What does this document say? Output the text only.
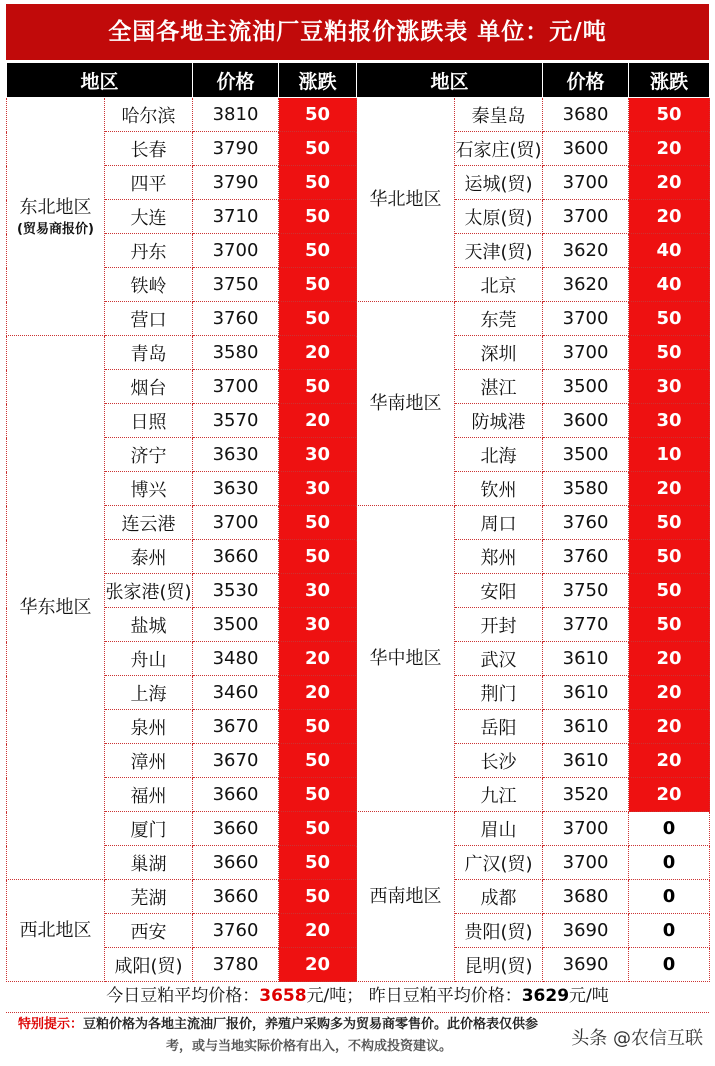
全国各地主流油厂豆粕报价涨跌表 单位：元/吨
地区		价格	涨跌	地区		价格	涨跌
东北地区
(贸易商报价)	哈尔滨	3810	50	华北地区	秦皇岛	3680	50
	长春	3790	50		石家庄(贸)	3600	20
	四平	3790	50		运城(贸)	3700	20
	大连	3710	50		太原(贸)	3700	20
	丹东	3700	50		天津(贸)	3620	40
	铁岭	3750	50		北京	3620	40
	营口	3760	50	华南地区	东莞	3700	50
华东地区	青岛	3580	20		深圳	3700	50
	烟台	3700	50		湛江	3500	30
	日照	3570	20		防城港	3600	30
	济宁	3630	30		北海	3500	10
	博兴	3630	30		钦州	3580	20
	连云港	3700	50	华中地区	周口	3760	50
	泰州	3660	50		郑州	3760	50
	张家港(贸)	3530	30		安阳	3750	50
	盐城	3500	30		开封	3770	50
	舟山	3480	20		武汉	3610	20
	上海	3460	20		荆门	3610	20
	泉州	3670	50		岳阳	3610	20
	漳州	3670	50		长沙	3610	20
	福州	3660	50		九江	3520	20
	厦门	3660	50	西南地区	眉山	3700	0
	巢湖	3660	50		广汉(贸)	3700	0
西北地区	芜湖	3660	50		成都	3680	0
	西安	3760	20		贵阳(贸)	3690	0
	咸阳(贸)	3780	20		昆明(贸)	3690	0
今日豆粕平均价格：3658元/吨； 昨日豆粕平均价格：3629元/吨
特别提示：豆粕价格为各地主流油厂报价，养殖户采购多为贸易商零售价。此价格表仅供参
考，或与当地实际价格有出入，不构成投资建议。	头条 @农信互联
